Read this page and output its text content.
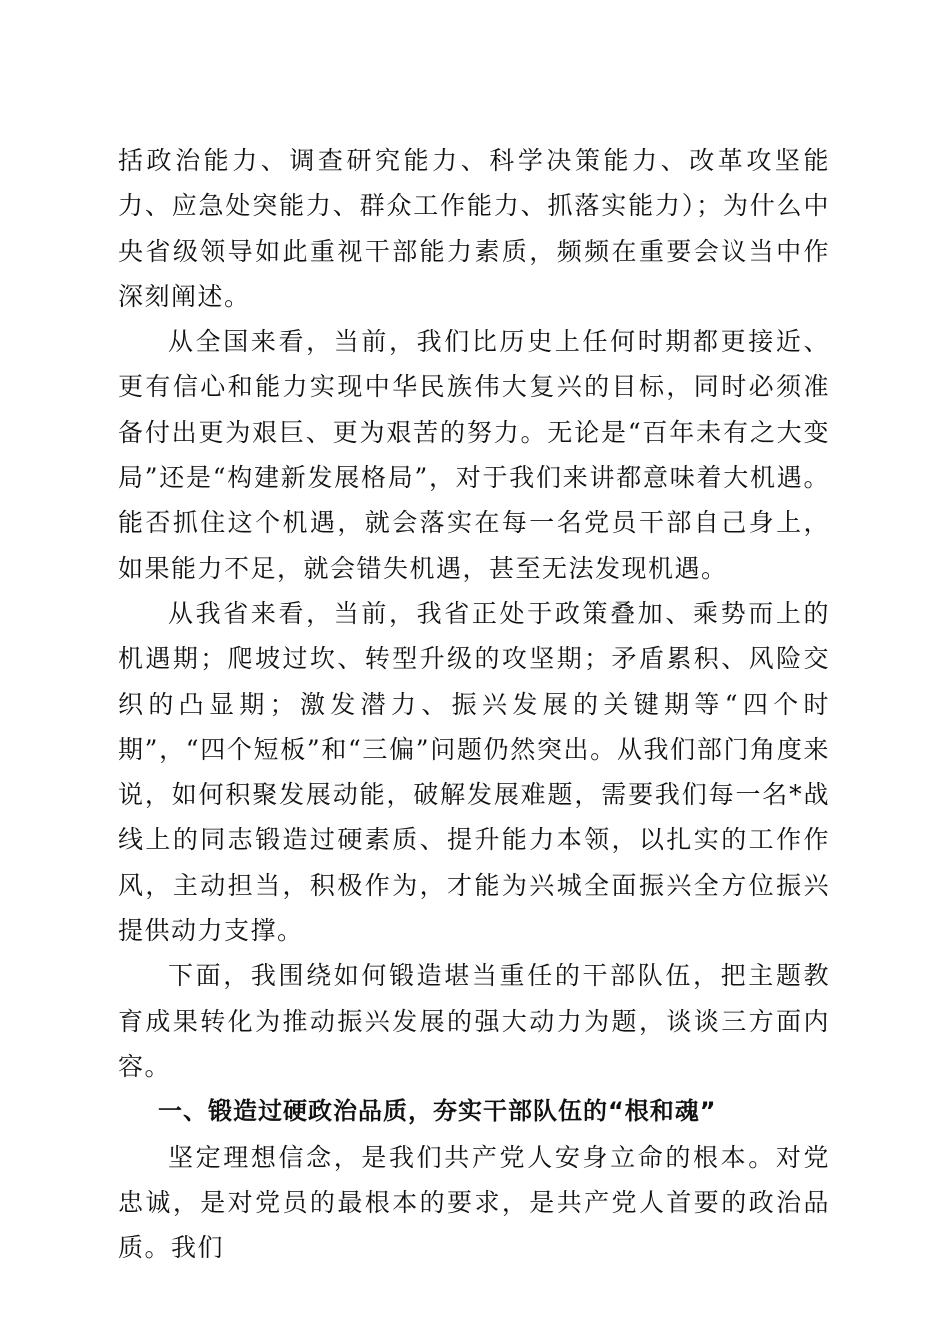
括政治能力、调查研究能力、科学决策能力、改革攻坚能力、应急处突能力、群众工作能力、抓落实能力）；为什么中央省级领导如此重视干部能力素质，频频在重要会议当中作深刻阐述。

从全国来看，当前，我们比历史上任何时期都更接近、更有信心和能力实现中华民族伟大复兴的目标，同时必须准备付出更为艰巨、更为艰苦的努力。无论是“百年未有之大变局”还是“构建新发展格局”，对于我们来讲都意味着大机遇。能否抓住这个机遇，就会落实在每一名党员干部自己身上，如果能力不足，就会错失机遇，甚至无法发现机遇。

从我省来看，当前，我省正处于政策叠加、乘势而上的机遇期；爬坡过坎、转型升级的攻坚期；矛盾累积、风险交织的凸显期；激发潜力、振兴发展的关键期等“四个时期”，“四个短板”和“三偏”问题仍然突出。从我们部门角度来说，如何积聚发展动能，破解发展难题，需要我们每一名*战线上的同志锻造过硬素质、提升能力本领，以扎实的工作作风，主动担当，积极作为，才能为兴城全面振兴全方位振兴提供动力支撑。

下面，我围绕如何锻造堪当重任的干部队伍，把主题教育成果转化为推动振兴发展的强大动力为题，谈谈三方面内容。

一、锻造过硬政治品质，夯实干部队伍的“根和魂”

坚定理想信念，是我们共产党人安身立命的根本。对党忠诚，是对党员的最根本的要求，是共产党人首要的政治品质。我们
